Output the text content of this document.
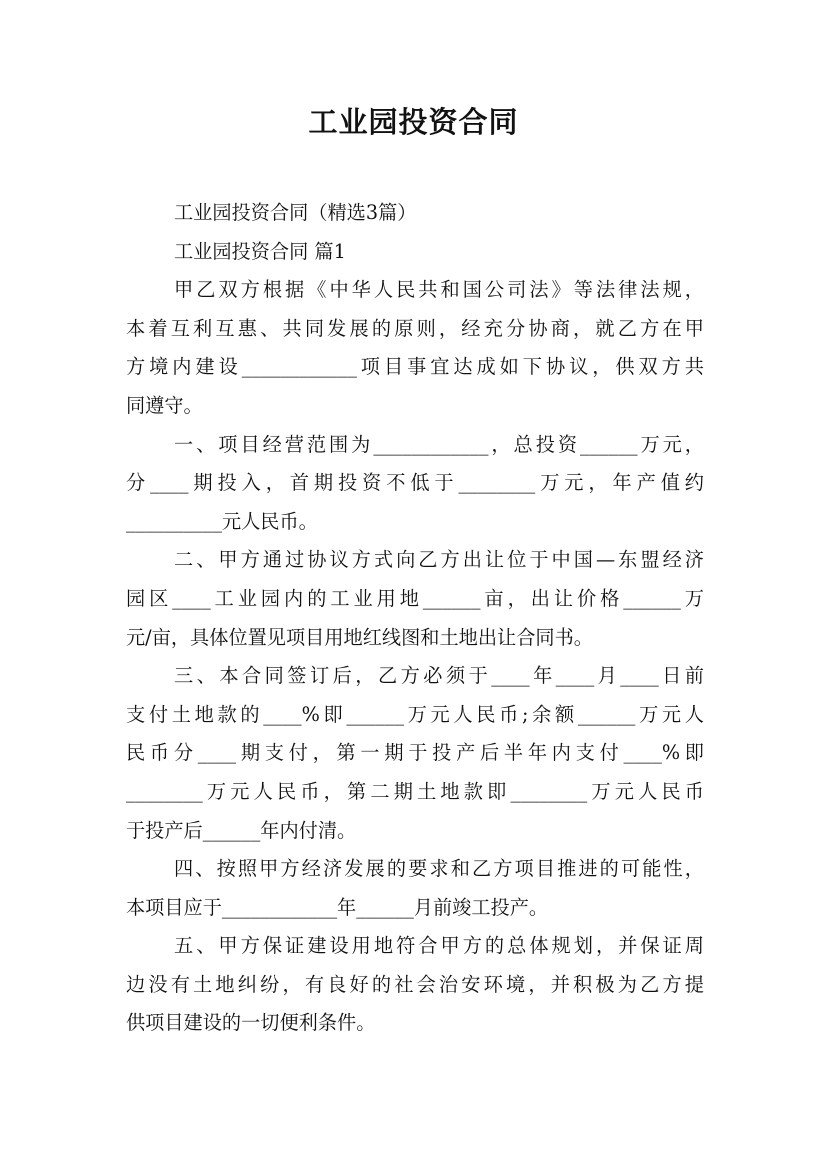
工业园投资合同
工业园投资合同（精选3篇）
工业园投资合同 篇1
甲乙双方根据《中华人民共和国公司法》等法律法规，
本着互利互惠、共同发展的原则，经充分协商，就乙方在甲
方境内建设____________项目事宜达成如下协议，供双方共
同遵守。
一、项目经营范围为____________，总投资______万元，
分____期投入，首期投资不低于________万元，年产值约
__________元人民币。
二、甲方通过协议方式向乙方出让位于中国—东盟经济
园区____工业园内的工业用地______亩，出让价格______万
元/亩，具体位置见项目用地红线图和土地出让合同书。
三、本合同签订后，乙方必须于____年____月____日前
支付土地款的____%即______万元人民币;余额______万元人
民币分____期支付，第一期于投产后半年内支付____%即
________万元人民币，第二期土地款即________万元人民币
于投产后______年内付清。
四、按照甲方经济发展的要求和乙方项目推进的可能性，
本项目应于____________年______月前竣工投产。
五、甲方保证建设用地符合甲方的总体规划，并保证周
边没有土地纠纷，有良好的社会治安环境，并积极为乙方提
供项目建设的一切便利条件。
